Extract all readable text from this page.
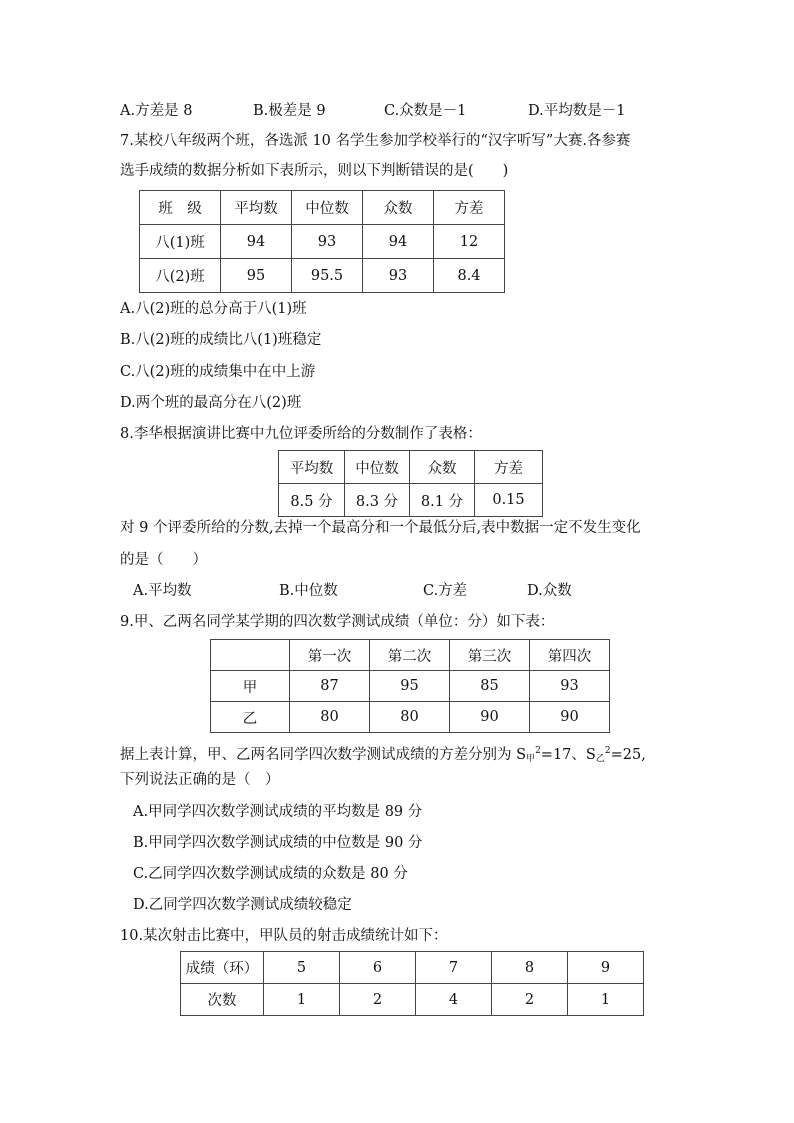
A.方差是 8	B.极差是 9	C.众数是－1	D.平均数是－1
7.某校八年级两个班，各选派 10 名学生参加学校举行的“汉字听写”大赛.各参赛
选手成绩的数据分析如下表所示，则以下判断错误的是(　　)
班　级	平均数	中位数	众数	方差
八(1)班	94	93	94	12
八(2)班	95	95.5	93	8.4
A.八(2)班的总分高于八(1)班
B.八(2)班的成绩比八(1)班稳定
C.八(2)班的成绩集中在中上游
D.两个班的最高分在八(2)班
8.李华根据演讲比赛中九位评委所给的分数制作了表格：
平均数	中位数	众数	方差
8.5 分	8.3 分	8.1 分	0.15
对 9 个评委所给的分数,去掉一个最高分和一个最低分后,表中数据一定不发生变化
的是（　　）
A.平均数	B.中位数	C.方差	D.众数
9.甲、乙两名同学某学期的四次数学测试成绩（单位：分）如下表：
	第一次	第二次	第三次	第四次
甲	87	95	85	93
乙	80	80	90	90
据上表计算，甲、乙两名同学四次数学测试成绩的方差分别为 $S_甲^2=17$、$S_乙^2=25$,
下列说法正确的是（　）
A.甲同学四次数学测试成绩的平均数是 89 分
B.甲同学四次数学测试成绩的中位数是 90 分
C.乙同学四次数学测试成绩的众数是 80 分
D.乙同学四次数学测试成绩较稳定
10.某次射击比赛中，甲队员的射击成绩统计如下：
成绩（环）	5	6	7	8	9
次数	1	2	4	2	1
